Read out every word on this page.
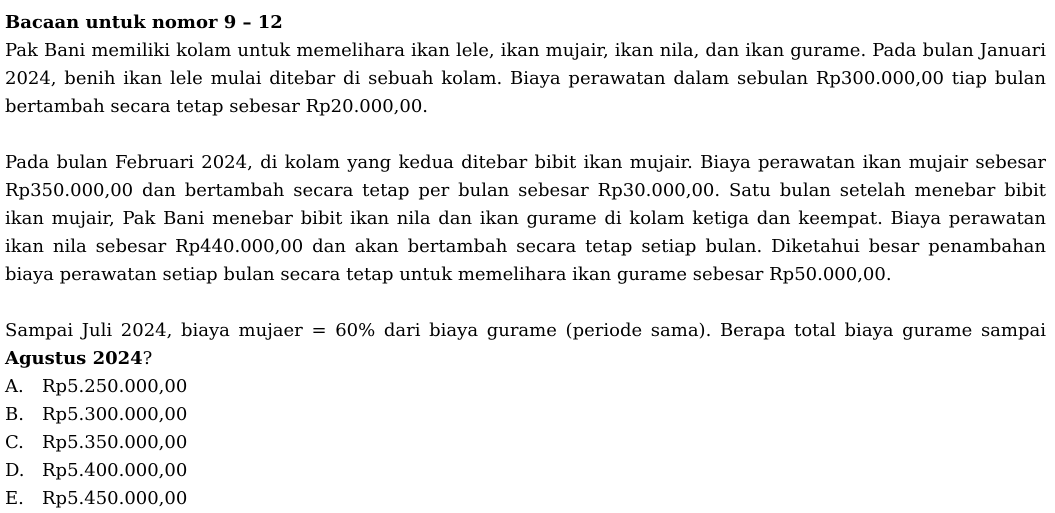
Bacaan untuk nomor 9 – 12

Pak Bani memiliki kolam untuk memelihara ikan lele, ikan mujair, ikan nila, dan ikan gurame. Pada bulan Januari 2024, benih ikan lele mulai ditebar di sebuah kolam. Biaya perawatan dalam sebulan Rp300.000,00 tiap bulan bertambah secara tetap sebesar Rp20.000,00.

Pada bulan Februari 2024, di kolam yang kedua ditebar bibit ikan mujair. Biaya perawatan ikan mujair sebesar Rp350.000,00 dan bertambah secara tetap per bulan sebesar Rp30.000,00. Satu bulan setelah menebar bibit ikan mujair, Pak Bani menebar bibit ikan nila dan ikan gurame di kolam ketiga dan keempat. Biaya perawatan ikan nila sebesar Rp440.000,00 dan akan bertambah secara tetap setiap bulan. Diketahui besar penambahan biaya perawatan setiap bulan secara tetap untuk memelihara ikan gurame sebesar Rp50.000,00.

Sampai Juli 2024, biaya mujaer = 60% dari biaya gurame (periode sama). Berapa total biaya gurame sampai Agustus 2024?

A.	Rp5.250.000,00
B.	Rp5.300.000,00
C.	Rp5.350.000,00
D. Rp5.400.000,00
E.	Rp5.450.000,00
